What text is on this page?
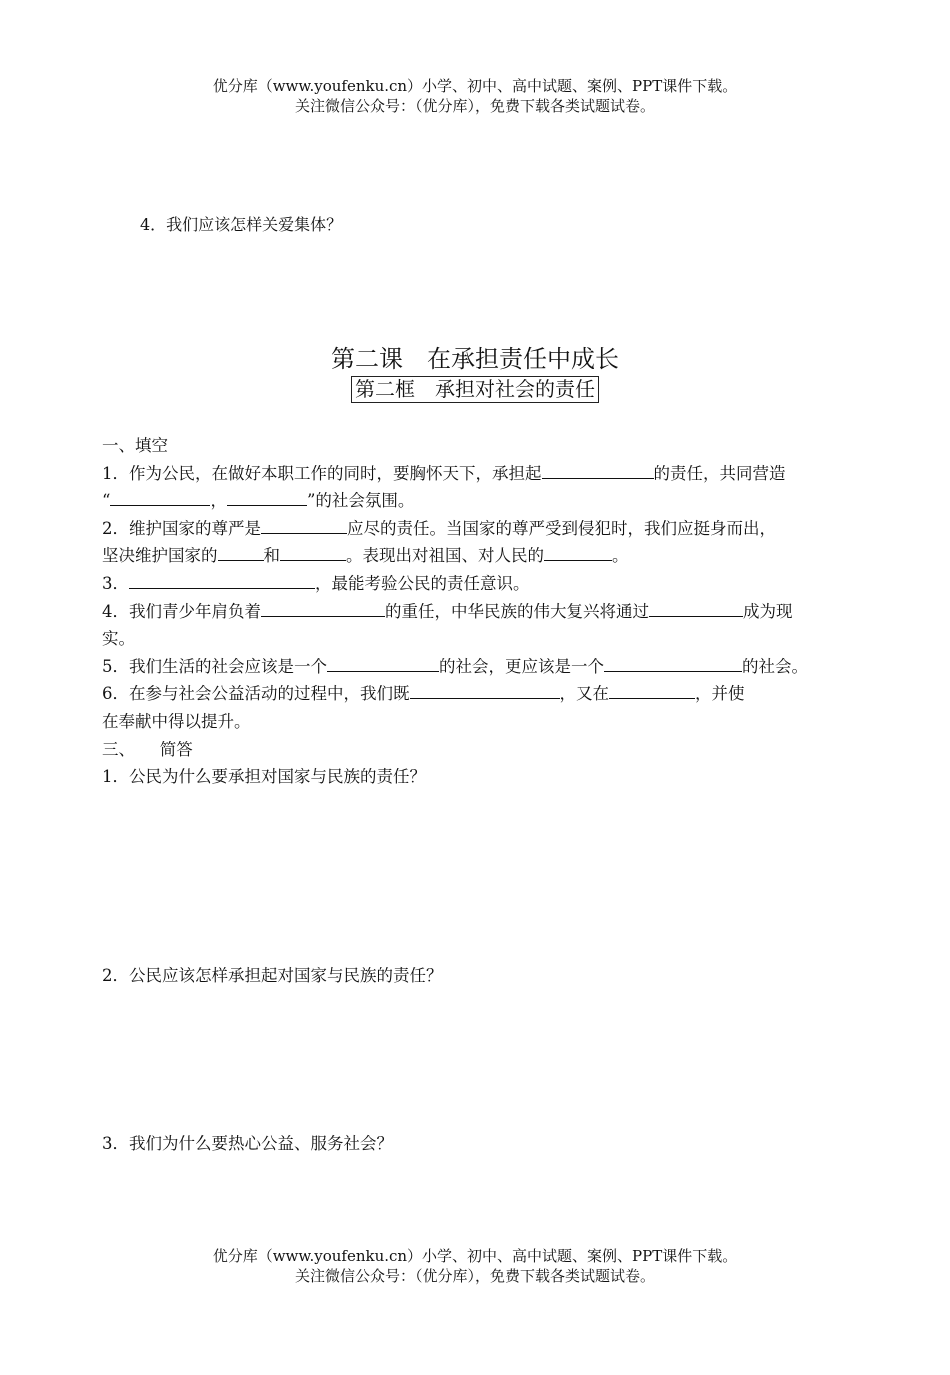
优分库（www.youfenku.cn）小学、初中、高中试题、案例、PPT课件下载。
关注微信公众号：（优分库），免费下载各类试题试卷。
4．我们应该怎样关爱集体？
第二课　在承担责任中成长
第二框　承担对社会的责任

一、填空

1．作为公民，在做好本职工作的同时，要胸怀天下，承担起	的责任，共同营造

“	，	”的社会氛围。

2．维护国家的尊严是	应尽的责任。当国家的尊严受到侵犯时，我们应挺身而出，

坚决维护国家的	和	。表现出对祖国、对人民的	。

3．	，最能考验公民的责任意识。

4．我们青少年肩负着	的重任，中华民族的伟大复兴将通过	成为现

实。

5．我们生活的社会应该是一个	的社会，更应该是一个	的社会。

6．在参与社会公益活动的过程中，我们既	，又在	，并使

在奉献中得以提升。

三、　　简答

1．公民为什么要承担对国家与民族的责任？

2．公民应该怎样承担起对国家与民族的责任？
3．我们为什么要热心公益、服务社会？
优分库（www.youfenku.cn）小学、初中、高中试题、案例、PPT课件下载。
关注微信公众号：（优分库），免费下载各类试题试卷。
